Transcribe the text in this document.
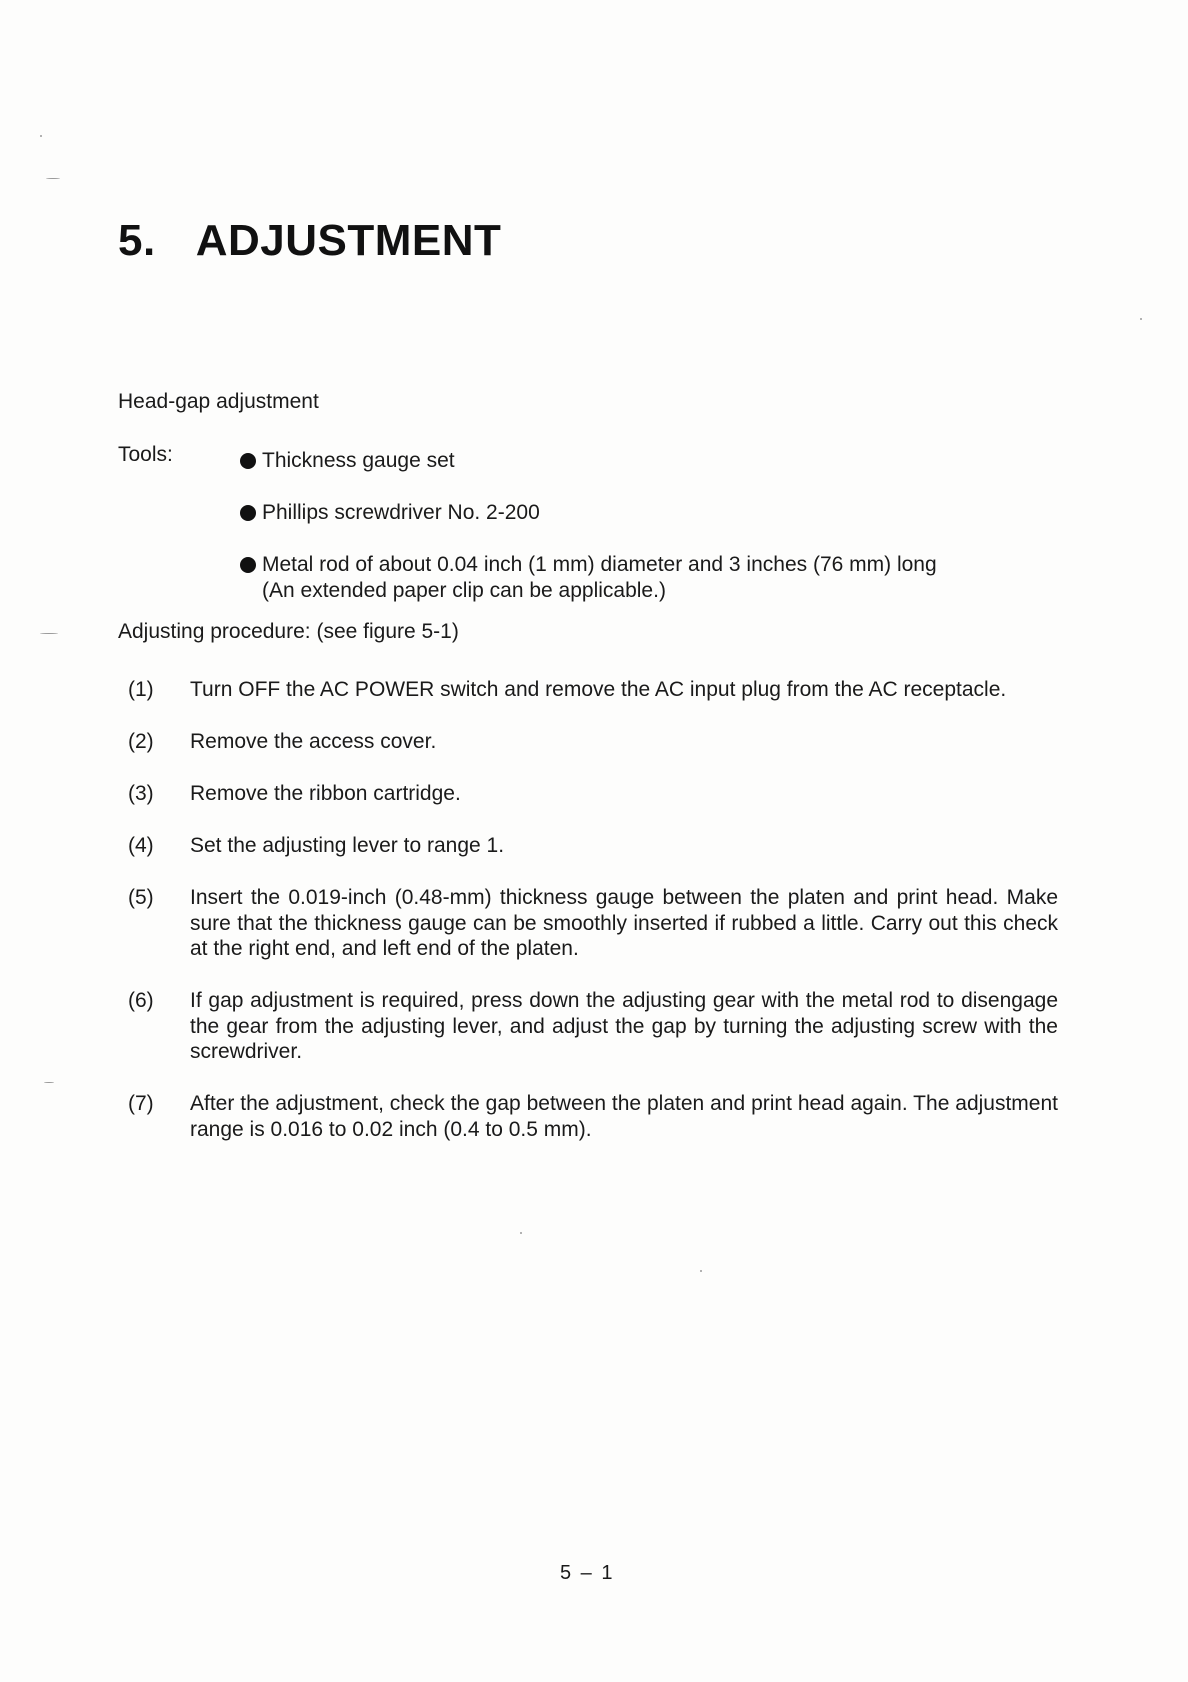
5. ADJUSTMENT
Head-gap adjustment
Tools:	Thickness gauge set
Phillips screwdriver No. 2-200
Metal rod of about 0.04 inch (1 mm) diameter and 3 inches (76 mm) long
(An extended paper clip can be applicable.)
Adjusting procedure: (see figure 5-1)
(1)	Turn OFF the AC POWER switch and remove the AC input plug from the AC receptacle.
(2)	Remove the access cover.
(3)	Remove the ribbon cartridge.
(4)	Set the adjusting lever to range 1.
(5)	Insert the 0.019-inch (0.48-mm) thickness gauge between the platen and print head. Make sure that the thickness gauge can be smoothly inserted if rubbed a little. Carry out this check at the right end, and left end of the platen.
(6)	If gap adjustment is required, press down the adjusting gear with the metal rod to disengage the gear from the adjusting lever, and adjust the gap by turning the adjusting screw with the screwdriver.
(7)	After the adjustment, check the gap between the platen and print head again. The adjustment range is 0.016 to 0.02 inch (0.4 to 0.5 mm).
5 – 1
